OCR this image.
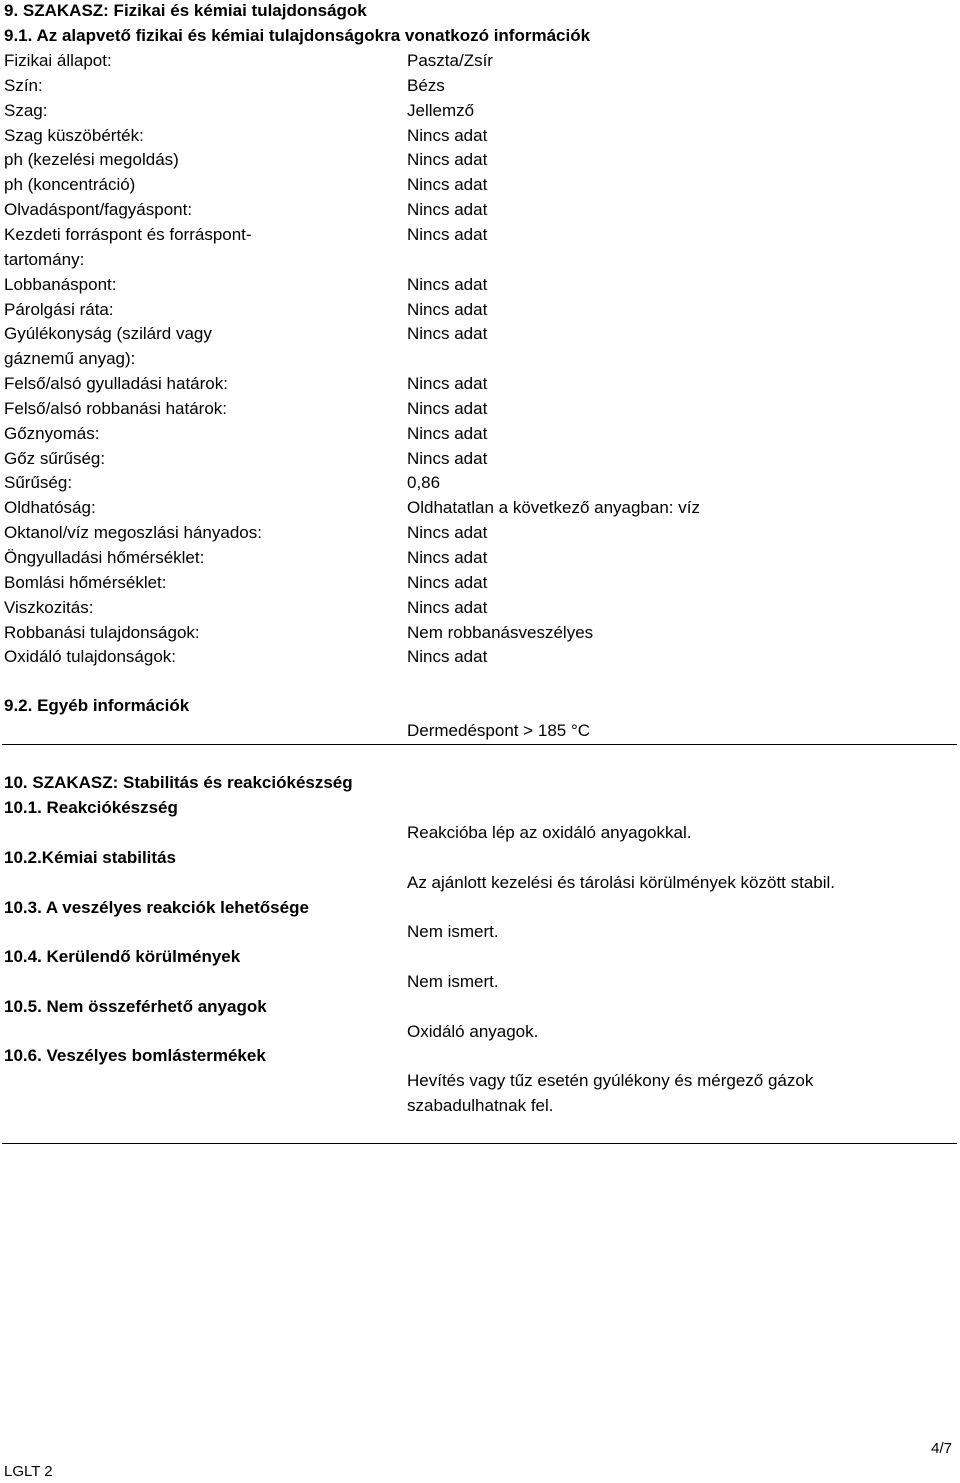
9. SZAKASZ: Fizikai és kémiai tulajdonságok
9.1. Az alapvető fizikai és kémiai tulajdonságokra vonatkozó információk
Fizikai állapot:	Paszta/Zsír
Szín:	Bézs
Szag:	Jellemző
Szag küszöbérték:	Nincs adat
ph (kezelési megoldás)	Nincs adat
ph (koncentráció)	Nincs adat
Olvadáspont/fagyáspont:	Nincs adat
Kezdeti forráspont és forráspont-	Nincs adat
tartomány:
Lobbanáspont:	Nincs adat
Párolgási ráta:	Nincs adat
Gyúlékonyság (szilárd vagy	Nincs adat
gáznemű anyag):
Felső/alsó gyulladási határok:	Nincs adat
Felső/alsó robbanási határok:	Nincs adat
Gőznyomás:	Nincs adat
Gőz sűrűség:	Nincs adat
Sűrűség:	0,86
Oldhatóság:	Oldhatatlan a következő anyagban: víz
Oktanol/víz megoszlási hányados:	Nincs adat
Öngyulladási hőmérséklet:	Nincs adat
Bomlási hőmérséklet:	Nincs adat
Viszkozitás:	Nincs adat
Robbanási tulajdonságok:	Nem robbanásveszélyes
Oxidáló tulajdonságok:	Nincs adat
9.2. Egyéb információk
Dermedéspont > 185 °C
10. SZAKASZ: Stabilitás és reakciókészség
10.1. Reakciókészség
Reakcióba lép az oxidáló anyagokkal.
10.2.Kémiai stabilitás
Az ajánlott kezelési és tárolási körülmények között stabil.
10.3. A veszélyes reakciók lehetősége
Nem ismert.
10.4. Kerülendő körülmények
Nem ismert.
10.5. Nem összeférhető anyagok
Oxidáló anyagok.
10.6. Veszélyes bomlástermékek
Hevítés vagy tűz esetén gyúlékony és mérgező gázok
szabadulhatnak fel.
4/7
LGLT 2
